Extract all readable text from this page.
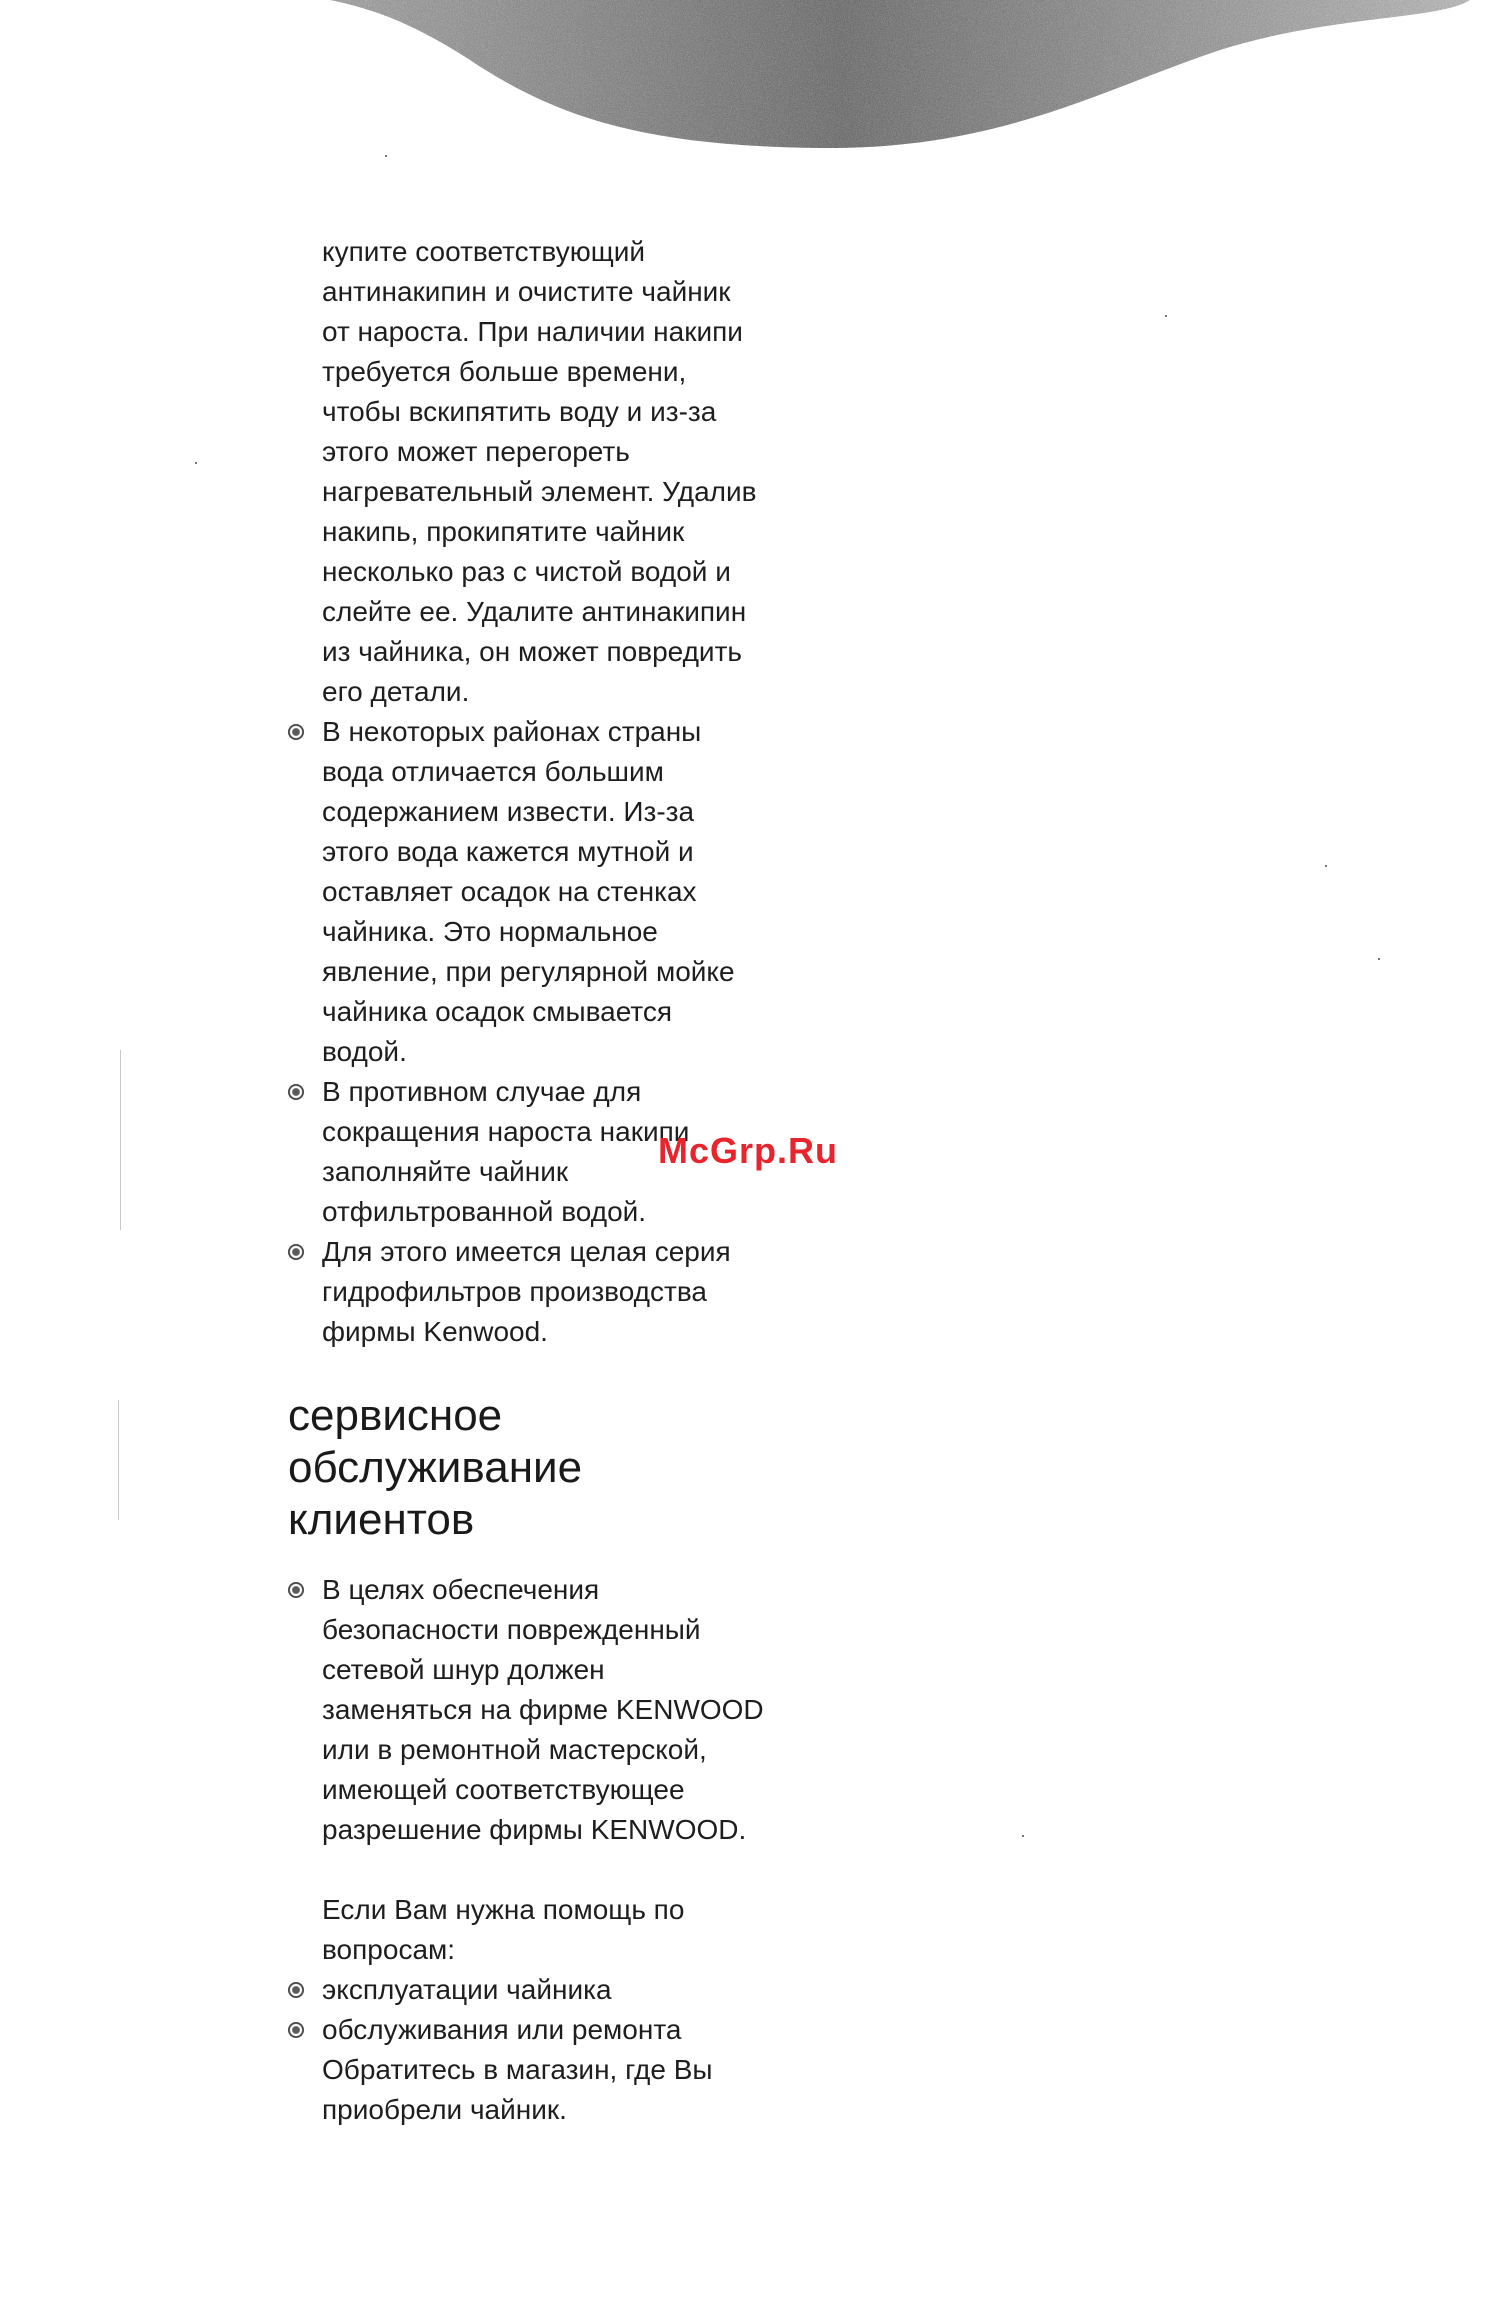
купите соответствующий
антинакипин и очистите чайник
от нароста. При наличии накипи
требуется больше времени,
чтобы вскипятить воду и из-за
этого может перегореть
нагревательный элемент. Удалив
накипь, прокипятите чайник
несколько раз с чистой водой и
слейте ее. Удалите антинакипин
из чайника, он может повредить
его детали.

В некоторых районах страны
вода отличается большим
содержанием извести. Из-за
этого вода кажется мутной и
оставляет осадок на стенках
чайника. Это нормальное
явление, при регулярной мойке
чайника осадок смывается
водой.

В противном случае для
сокращения нароста накипи
заполняйте чайник
отфильтрованной водой.

Для этого имеется целая серия
гидрофильтров производства
фирмы Kenwood.

McGrp.Ru
сервисное
обслуживание
клиентов

В целях обеспечения
безопасности поврежденный
сетевой шнур должен
заменяться на фирме KENWOOD
или в ремонтной мастерской,
имеющей соответствующее
разрешение фирмы KENWOOD.

Если Вам нужна помощь по
вопросам:

эксплуатации чайника

обслуживания или ремонта
Обратитесь в магазин, где Вы
приобрели чайник.
